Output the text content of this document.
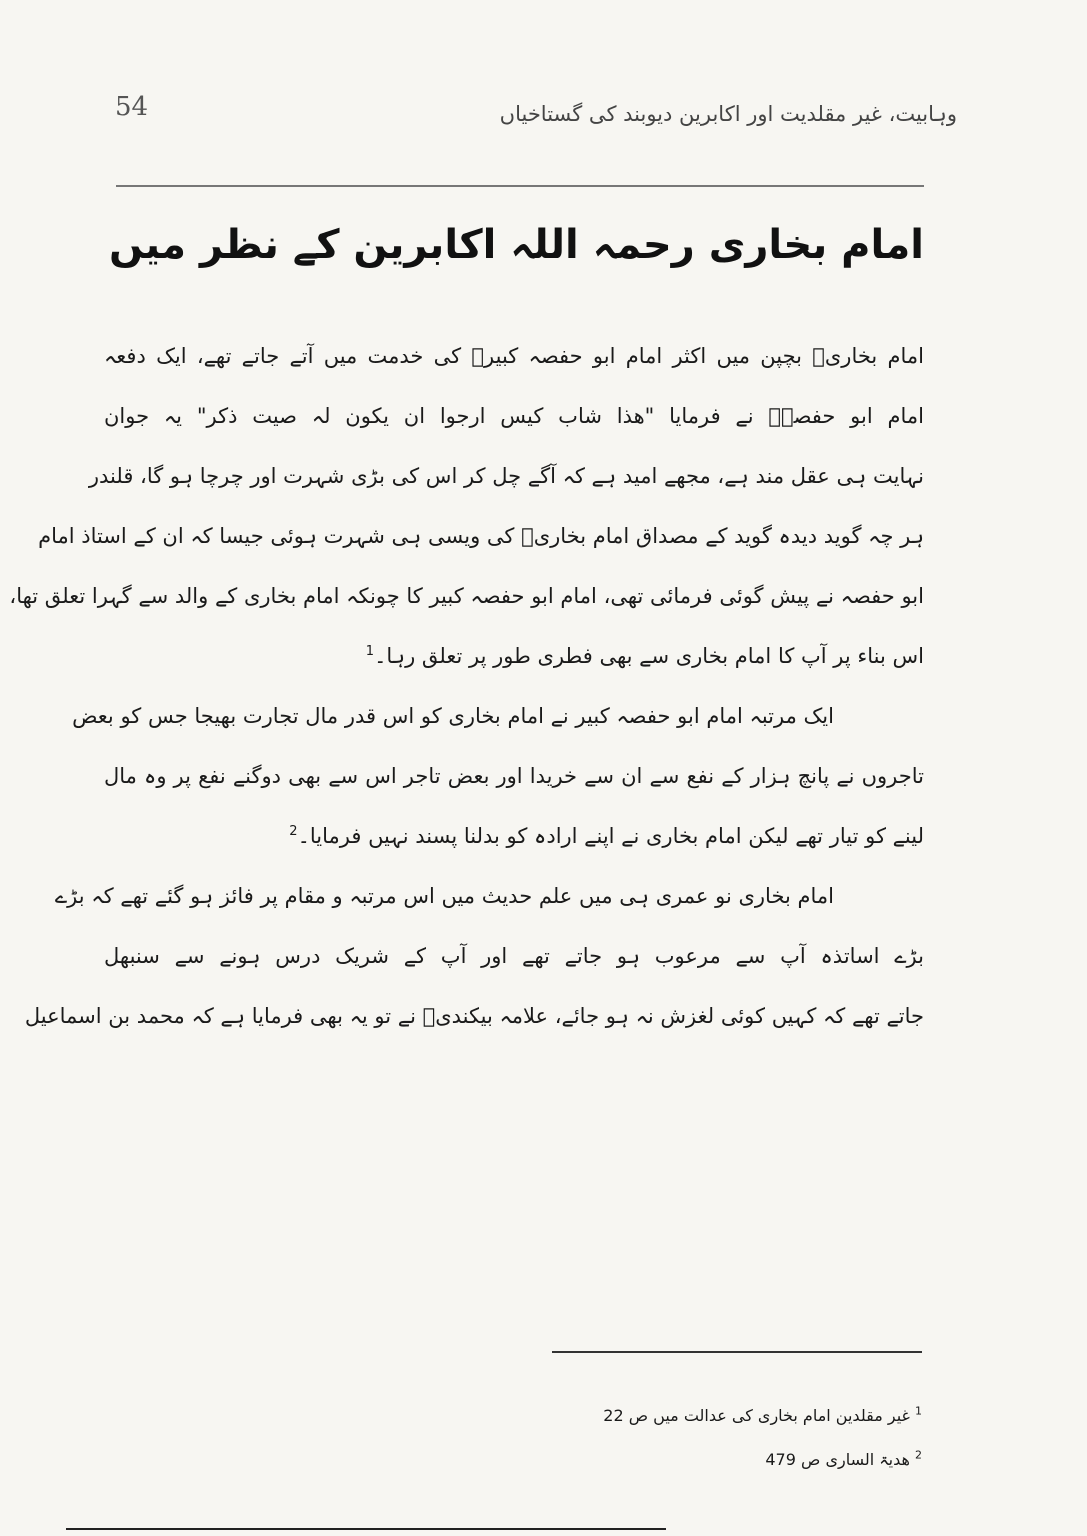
54	وہابیت، غیر مقلدیت اور اکابرین دیوبند کی گستاخیاں
امام بخاری رحمہ اللہ اکابرین کے نظر میں
امام بخاریؒ بچپن میں اکثر امام ابو حفصہ کبیرؒ کی خدمت میں آتے جاتے تھے، ایک دفعہ
امام ابو حفصہؒ نے فرمایا "ھذا شاب کیس ارجوا ان یکون لہ صیت ذکر" یہ جوان
نہایت ہی عقل مند ہے، مجھے امید ہے کہ آگے چل کر اس کی بڑی شہرت اور چرچا ہو گا، قلندر
ہر چہ گوید دیدہ گوید کے مصداق امام بخاریؒ کی ویسی ہی شہرت ہوئی جیسا کہ ان کے استاذ امام
ابو حفصہ نے پیش گوئی فرمائی تھی، امام ابو حفصہ کبیر کا چونکہ امام بخاری کے والد سے گہرا تعلق تھا،
اس بناء پر آپ کا امام بخاری سے بھی فطری طور پر تعلق رہا۔$^1$
ایک مرتبہ امام ابو حفصہ کبیر نے امام بخاری کو اس قدر مال تجارت بھیجا جس کو بعض
تاجروں نے پانچ ہزار کے نفع سے ان سے خریدا اور بعض تاجر اس سے بھی دوگنے نفع پر وہ مال
لینے کو تیار تھے لیکن امام بخاری نے اپنے ارادہ کو بدلنا پسند نہیں فرمایا۔$^2$
امام بخاری نو عمری ہی میں علم حدیث میں اس مرتبہ و مقام پر فائز ہو گئے تھے کہ بڑے
بڑے اساتذہ آپ سے مرعوب ہو جاتے تھے اور آپ کے شریک درس ہونے سے سنبھل
جاتے تھے کہ کہیں کوئی لغزش نہ ہو جائے، علامہ بیکندیؒ نے تو یہ بھی فرمایا ہے کہ محمد بن اسماعیل
$^1$ غیر مقلدین امام بخاری کی عدالت میں ص 22
$^2$ ھدیۃ الساری ص 479
